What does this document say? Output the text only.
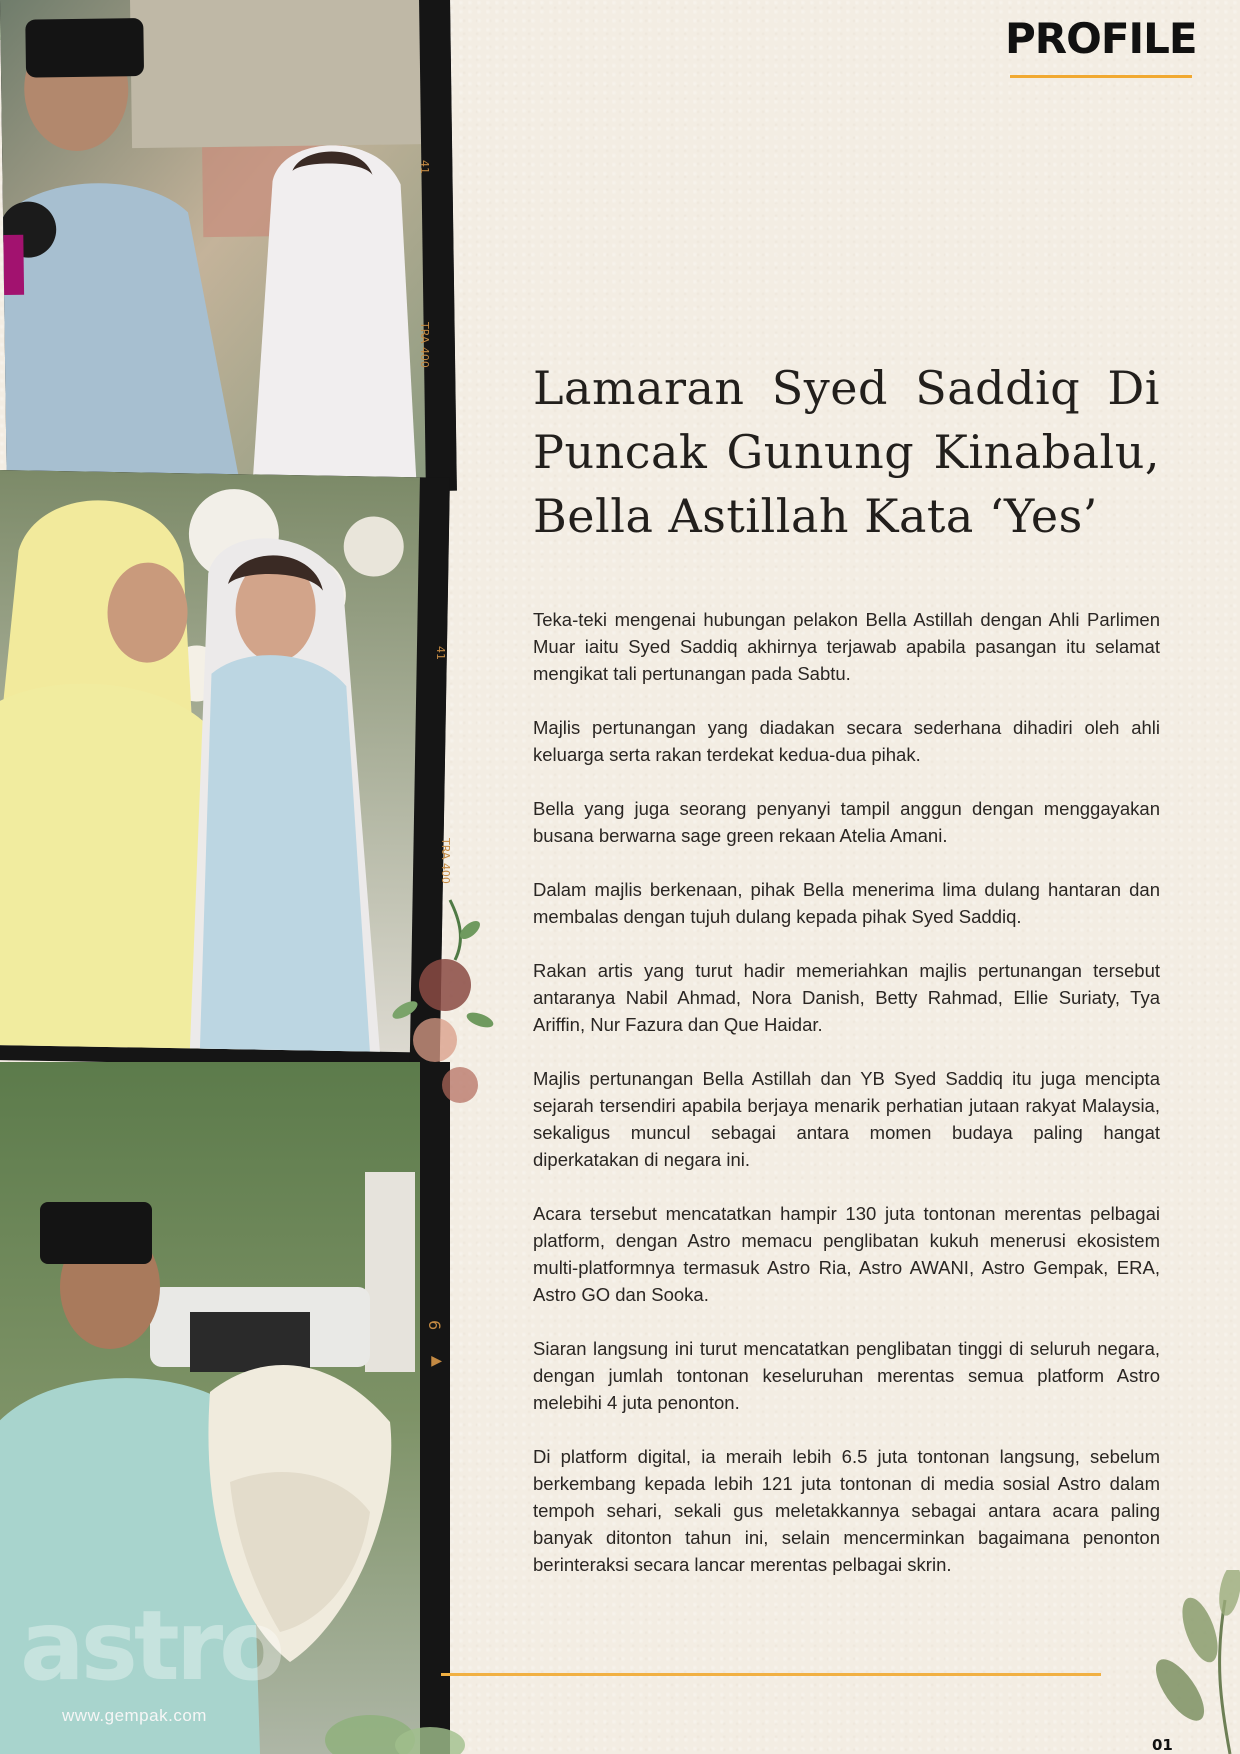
41
TRA 400
41
TRA 400
6
▲
astro
www.gempak.com
PROFILE
Lamaran Syed Saddiq Di Puncak Gunung Kinabalu, Bella Astillah Kata ‘Yes’

Teka-teki mengenai hubungan pelakon Bella Astillah dengan Ahli Parlimen Muar iaitu Syed Saddiq akhirnya terjawab apabila pasangan itu selamat mengikat tali pertunangan pada Sabtu.

Majlis pertunangan yang diadakan secara sederhana dihadiri oleh ahli keluarga serta rakan terdekat kedua-dua pihak.

Bella yang juga seorang penyanyi tampil anggun dengan menggayakan busana berwarna sage green rekaan Atelia Amani.

Dalam majlis berkenaan, pihak Bella menerima lima dulang hantaran dan membalas dengan tujuh dulang kepada pihak Syed Saddiq.

Rakan artis yang turut hadir memeriahkan majlis pertunangan tersebut antaranya Nabil Ahmad, Nora Danish, Betty Rahmad, Ellie Suriaty, Tya Ariffin, Nur Fazura dan Que Haidar.

Majlis pertunangan Bella Astillah dan YB Syed Saddiq itu juga mencipta sejarah tersendiri apabila berjaya menarik perhatian jutaan rakyat Malaysia, sekaligus muncul sebagai antara momen budaya paling hangat diperkatakan di negara ini.

Acara tersebut mencatatkan hampir 130 juta tontonan merentas pelbagai platform, dengan Astro memacu penglibatan kukuh menerusi ekosistem multi-platformnya termasuk Astro Ria, Astro AWANI, Astro Gempak, ERA, Astro GO dan Sooka.

Siaran langsung ini turut mencatatkan penglibatan tinggi di seluruh negara, dengan jumlah tontonan keseluruhan merentas semua platform Astro melebihi 4 juta penonton.

Di platform digital, ia meraih lebih 6.5 juta tontonan langsung, sebelum berkembang kepada lebih 121 juta tontonan di media sosial Astro dalam tempoh sehari, sekali gus meletakkannya sebagai antara acara paling banyak ditonton tahun ini, selain mencerminkan bagaimana penonton berinteraksi secara lancar merentas pelbagai skrin.

01
